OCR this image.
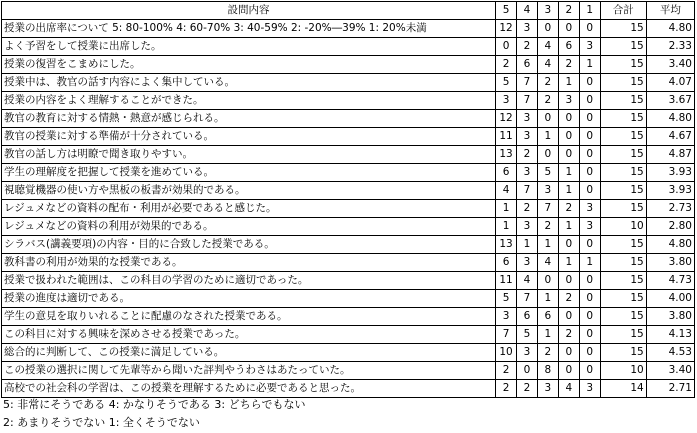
設問内容	5	4	3	2	1	合計	平均
授業の出席率について 5: 80-100% 4: 60-70% 3: 40-59% 2: -20%―39% 1: 20%未満	12	3	0	0	0	15	4.80
よく予習をして授業に出席した。	0	2	4	6	3	15	2.33
授業の復習をこまめにした。	2	6	4	2	1	15	3.40
授業中は、教官の話す内容によく集中している。	5	7	2	1	0	15	4.07
授業の内容をよく理解することができた。	3	7	2	3	0	15	3.67
教官の教育に対する情熱・熱意が感じられる。	12	3	0	0	0	15	4.80
教官の授業に対する準備が十分されている。	11	3	1	0	0	15	4.67
教官の話し方は明瞭で聞き取りやすい。	13	2	0	0	0	15	4.87
学生の理解度を把握して授業を進めている。	6	3	5	1	0	15	3.93
視聴覚機器の使い方や黒板の板書が効果的である。	4	7	3	1	0	15	3.93
レジュメなどの資料の配布・利用が必要であると感じた。	1	2	7	2	3	15	2.73
レジュメなどの資料の利用が効果的である。	1	3	2	1	3	10	2.80
シラバス(講義要項)の内容・目的に合致した授業である。	13	1	1	0	0	15	4.80
教科書の利用が効果的な授業である。	6	3	4	1	1	15	3.80
授業で扱われた範囲は、この科目の学習のために適切であった。	11	4	0	0	0	15	4.73
授業の進度は適切である。	5	7	1	2	0	15	4.00
学生の意見を取りいれることに配慮のなされた授業である。	3	6	6	0	0	15	3.80
この科目に対する興味を深めさせる授業であった。	7	5	1	2	0	15	4.13
総合的に判断して、この授業に満足している。	10	3	2	0	0	15	4.53
この授業の選択に関して先輩等から聞いた評判やうわさはあたっていた。	2	0	8	0	0	10	3.40
高校での社会科の学習は、この授業を理解するために必要であると思った。	2	2	3	4	3	14	2.71
5: 非常にそうである 4: かなりそうである 3: どちらでもない
2: あまりそうでない 1: 全くそうでない
